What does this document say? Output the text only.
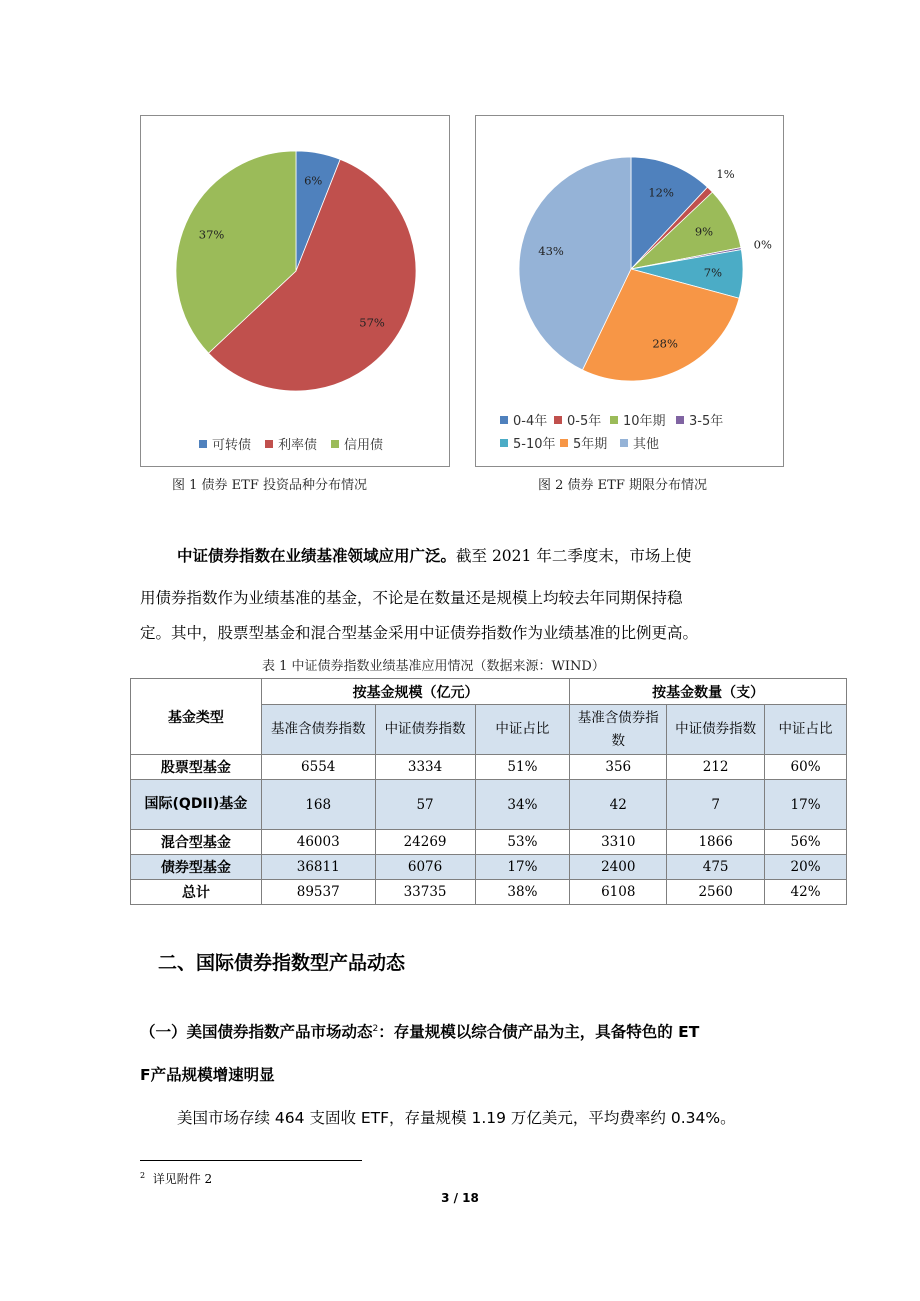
6%
57%
37%
可转债 利率债 信用债
图 1 债券 ETF 投资品种分布情况
12%
1%
9%
0%
7%
28%
43%
0-4年 0-5年 10年期 3-5年
5-10年 5年期 其他
图 2 债券 ETF 期限分布情况
中证债券指数在业绩基准领域应用广泛。截至 2021 年二季度末，市场上使
用债券指数作为业绩基准的基金，不论是在数量还是规模上均较去年同期保持稳
定。其中，股票型基金和混合型基金采用中证债券指数作为业绩基准的比例更高。
表 1 中证债券指数业绩基准应用情况（数据来源：WIND）
基金类型	按基金规模（亿元）			按基金数量（支）		
	基准含债券指数	中证债券指数	中证占比	基准含债券指数	中证债券指数	中证占比
股票型基金	6554	3334	51%	356	212	60%
国际(QDII)基金	168	57	34%	42	7	17%
混合型基金	46003	24269	53%	3310	1866	56%
债券型基金	36811	6076	17%	2400	475	20%
总计	89537	33735	38%	6108	2560	42%
二、国际债券指数型产品动态
（一）美国债券指数产品市场动态$^2$：存量规模以综合债产品为主，具备特色的 ET
F产品规模增速明显
美国市场存续 464 支固收 ETF，存量规模 1.19 万亿美元，平均费率约 0.34%。
$^2$ 详见附件 2
3 / 18
